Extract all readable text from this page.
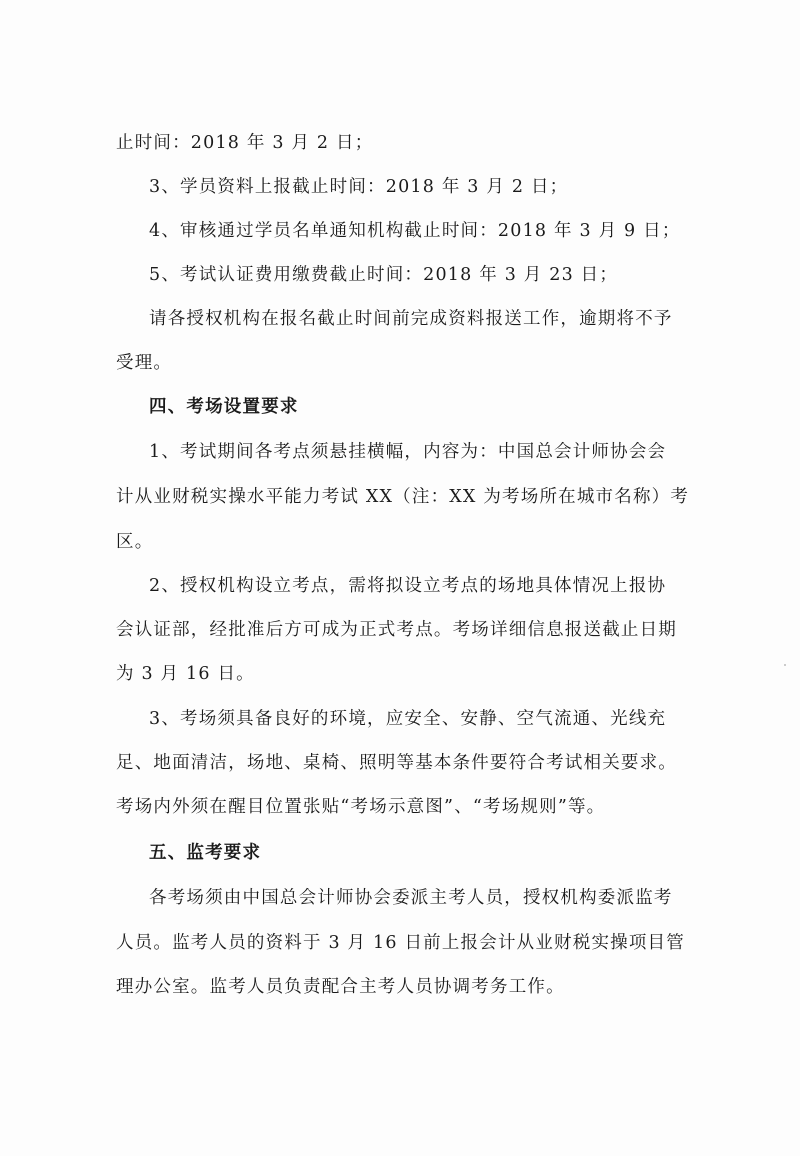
止时间：2018 年 3 月 2 日；
3、学员资料上报截止时间：2018 年 3 月 2 日；
4、审核通过学员名单通知机构截止时间：2018 年 3 月 9 日；
5、考试认证费用缴费截止时间：2018 年 3 月 23 日；
请各授权机构在报名截止时间前完成资料报送工作，逾期将不予
受理。
四、考场设置要求
1、考试期间各考点须悬挂横幅，内容为：中国总会计师协会会
计从业财税实操水平能力考试 XX（注：XX 为考场所在城市名称）考
区。
2、授权机构设立考点，需将拟设立考点的场地具体情况上报协
会认证部，经批准后方可成为正式考点。考场详细信息报送截止日期
为 3 月 16 日。
3、考场须具备良好的环境，应安全、安静、空气流通、光线充
足、地面清洁，场地、桌椅、照明等基本条件要符合考试相关要求。
考场内外须在醒目位置张贴“考场示意图”、“考场规则”等。
五、监考要求
各考场须由中国总会计师协会委派主考人员，授权机构委派监考
人员。监考人员的资料于 3 月 16 日前上报会计从业财税实操项目管
理办公室。监考人员负责配合主考人员协调考务工作。
